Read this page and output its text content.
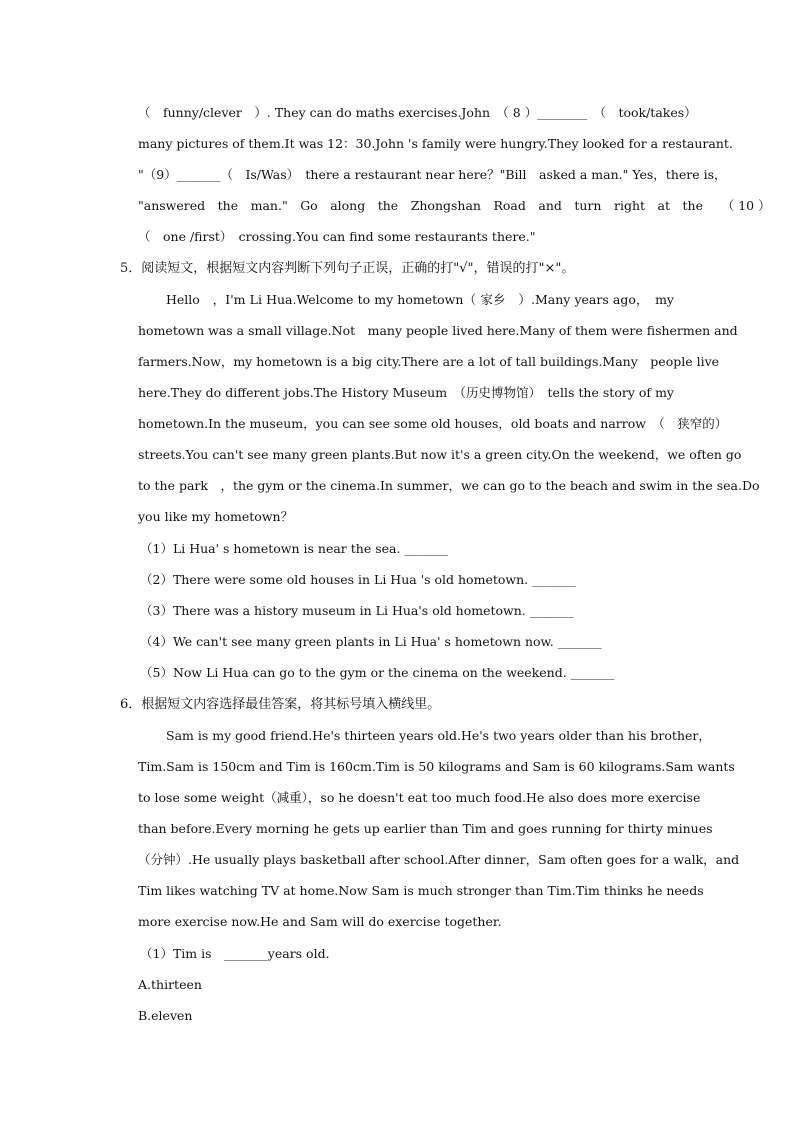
（　funny/clever　）. They can do maths exercises.John　（ 8 ）________　（　took/takes）
many pictures of them.It was 12：30.John 's family were hungry.They looked for a restaurant.
"（9）_______（　Is/Was）　there a restaurant near here？"Bill　asked a man." Yes，there is，
"answered　the　man."　Go　along　the　Zhongshan　Road　and　turn　right　at　the　　（ 10 ）
（　one /first）　crossing.You can find some restaurants there."
5．阅读短文，根据短文内容判断下列句子正误，正确的打"√"，错误的打"×"。
Hello　，I'm Li Hua.Welcome to my hometown（ 家乡　）.Many years ago，　my
hometown was a small village.Not　many people lived here.Many of them were fishermen and
farmers.Now，my hometown is a big city.There are a lot of tall buildings.Many　people live
here.They do different jobs.The History Museum　（历史博物馆）　tells the story of my
hometown.In the museum，you can see some old houses，old boats and narrow　（　狭窄的）
streets.You can't see many green plants.But now it's a green city.On the weekend，we often go
to the park　，the gym or the cinema.In summer，we can go to the beach and swim in the sea.Do
you like my hometown？
（1）Li Hua' s hometown is near the sea. _______
（2）There were some old houses in Li Hua 's old hometown. _______
（3）There was a history museum in Li Hua's old hometown. _______
（4）We can't see many green plants in Li Hua' s hometown now. _______
（5）Now Li Hua can go to the gym or the cinema on the weekend. _______
6．根据短文内容选择最佳答案，将其标号填入横线里。
Sam is my good friend.He's thirteen years old.He's two years older than his brother，
Tim.Sam is 150cm and Tim is 160cm.Tim is 50 kilograms and Sam is 60 kilograms.Sam wants
to lose some weight（减重），so he doesn't eat too much food.He also does more exercise
than before.Every morning he gets up earlier than Tim and goes running for thirty minues
（分钟）.He usually plays basketball after school.After dinner，Sam often goes for a walk，and
Tim likes watching TV at home.Now Sam is much stronger than Tim.Tim thinks he needs
more exercise now.He and Sam will do exercise together.
（1）Tim is　_______years old.
A.thirteen
B.eleven
